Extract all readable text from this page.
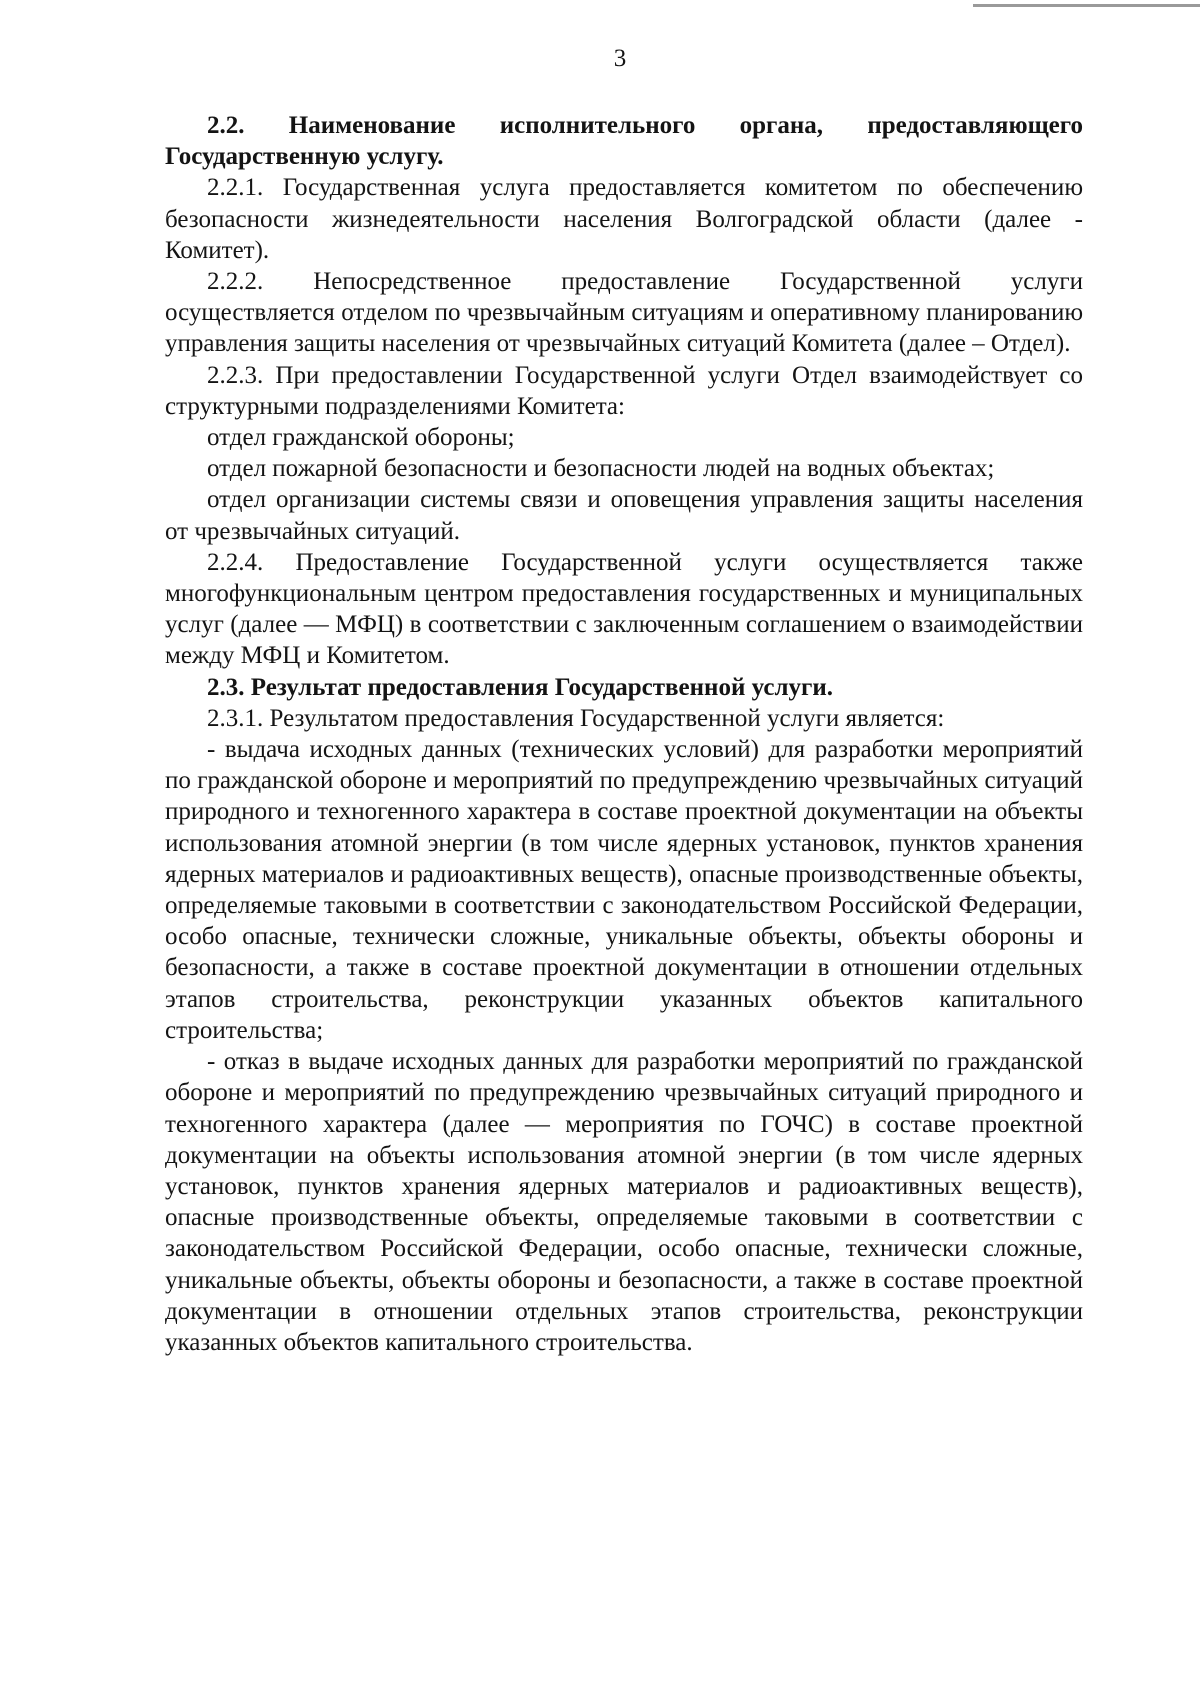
3

2.2. Наименование исполнительного органа, предоставляющего Государственную услугу.

2.2.1. Государственная услуга предоставляется комитетом по обеспечению безопасности жизнедеятельности населения Волгоградской области (далее - Комитет).

2.2.2. Непосредственное предоставление Государственной услуги осуществляется отделом по чрезвычайным ситуациям и оперативному планированию управления защиты населения от чрезвычайных ситуаций Комитета (далее – Отдел).

2.2.3. При предоставлении Государственной услуги Отдел взаимодействует со структурными подразделениями Комитета:

отдел гражданской обороны;

отдел пожарной безопасности и безопасности людей на водных объектах;

отдел организации системы связи и оповещения управления защиты населения от чрезвычайных ситуаций.

2.2.4. Предоставление Государственной услуги осуществляется также многофункциональным центром предоставления государственных и муниципальных услуг (далее — МФЦ) в соответствии с заключенным соглашением о взаимодействии между МФЦ и Комитетом.

2.3. Результат предоставления Государственной услуги.

2.3.1. Результатом предоставления Государственной услуги является:

- выдача исходных данных (технических условий) для разработки мероприятий по гражданской обороне и мероприятий по предупреждению чрезвычайных ситуаций природного и техногенного характера в составе проектной документации на объекты использования атомной энергии (в том числе ядерных установок, пунктов хранения ядерных материалов и радиоактивных веществ), опасные производственные объекты, определяемые таковыми в соответствии с законодательством Российской Федерации, особо опасные, технически сложные, уникальные объекты, объекты обороны и безопасности, а также в составе проектной документации в отношении отдельных этапов строительства, реконструкции указанных объектов капитального строительства;

- отказ в выдаче исходных данных для разработки мероприятий по гражданской обороне и мероприятий по предупреждению чрезвычайных ситуаций природного и техногенного характера (далее — мероприятия по ГОЧС) в составе проектной документации на объекты использования атомной энергии (в том числе ядерных установок, пунктов хранения ядерных материалов и радиоактивных веществ), опасные производственные объекты, определяемые таковыми в соответствии с законодательством Российской Федерации, особо опасные, технически сложные, уникальные объекты, объекты обороны и безопасности, а также в составе проектной документации в отношении отдельных этапов строительства, реконструкции указанных объектов капитального строительства.
